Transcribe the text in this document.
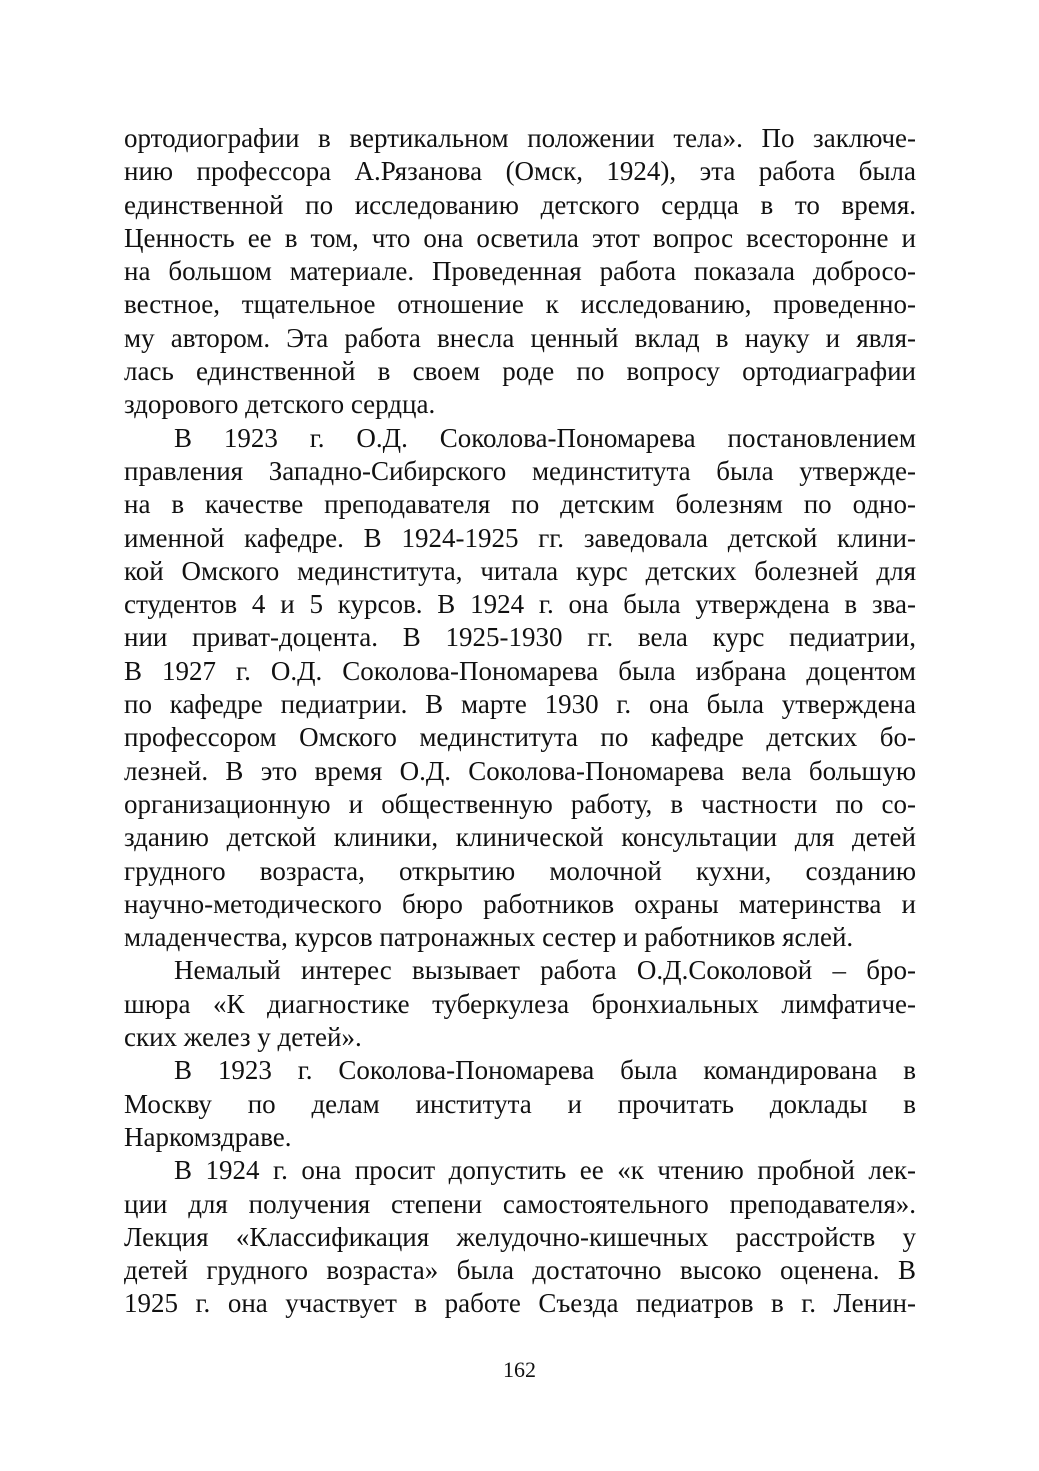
ортодиографии в вертикальном положении тела». По заключе-
нию профессора А.Рязанова (Омск, 1924), эта работа была
единственной по исследованию детского сердца в то время.
Ценность ее в том, что она осветила этот вопрос всесторонне и
на большом материале. Проведенная работа показала добросо-
вестное, тщательное отношение к исследованию, проведенно-
му автором. Эта работа внесла ценный вклад в науку и явля-
лась единственной в своем роде по вопросу ортодиаграфии
здорового детского сердца.
В 1923 г. О.Д. Соколова-Пономарева постановлением
правления Западно-Сибирского мединститута была утвержде-
на в качестве преподавателя по детским болезням по одно-
именной кафедре. В 1924-1925 гг. заведовала детской клини-
кой Омского мединститута, читала курс детских болезней для
студентов 4 и 5 курсов. В 1924 г. она была утверждена в зва-
нии приват-доцента. В 1925-1930 гг. вела курс педиатрии,
В 1927 г. О.Д. Соколова-Пономарева была избрана доцентом
по кафедре педиатрии. В марте 1930 г. она была утверждена
профессором Омского мединститута по кафедре детских бо-
лезней. В это время О.Д. Соколова-Пономарева вела большую
организационную и общественную работу, в частности по со-
зданию детской клиники, клинической консультации для детей
грудного возраста, открытию молочной кухни, созданию
научно-методического бюро работников охраны материнства и
младенчества, курсов патронажных сестер и работников яслей.
Немалый интерес вызывает работа О.Д.Соколовой – бро-
шюра «К диагностике туберкулеза бронхиальных лимфатиче-
ских желез у детей».
В 1923 г. Соколова-Пономарева была командирована в
Москву по делам института и прочитать доклады в
Наркомздраве.
В 1924 г. она просит допустить ее «к чтению пробной лек-
ции для получения степени самостоятельного преподавателя».
Лекция «Классификация желудочно-кишечных расстройств у
детей грудного возраста» была достаточно высоко оценена. В
1925 г. она участвует в работе Съезда педиатров в г. Ленин-
162
